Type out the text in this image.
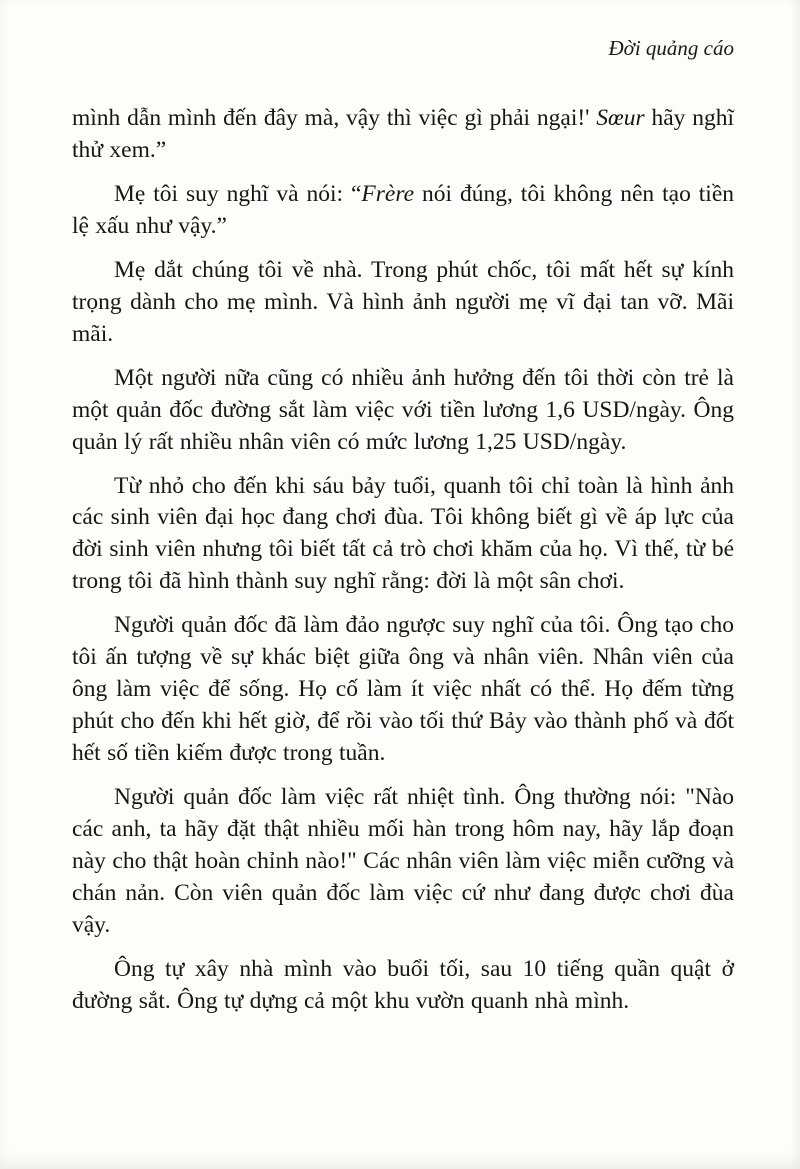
Đời quảng cáo

mình dẫn mình đến đây mà, vậy thì việc gì phải ngại!' Sœur hãy nghĩ thử xem.”

Mẹ tôi suy nghĩ và nói: “Frère nói đúng, tôi không nên tạo tiền lệ xấu như vậy.”

Mẹ dắt chúng tôi về nhà. Trong phút chốc, tôi mất hết sự kính trọng dành cho mẹ mình. Và hình ảnh người mẹ vĩ đại tan vỡ. Mãi mãi.

Một người nữa cũng có nhiều ảnh hưởng đến tôi thời còn trẻ là một quản đốc đường sắt làm việc với tiền lương 1,6 USD/ngày. Ông quản lý rất nhiều nhân viên có mức lương 1,25 USD/ngày.

Từ nhỏ cho đến khi sáu bảy tuổi, quanh tôi chỉ toàn là hình ảnh các sinh viên đại học đang chơi đùa. Tôi không biết gì về áp lực của đời sinh viên nhưng tôi biết tất cả trò chơi khăm của họ. Vì thế, từ bé trong tôi đã hình thành suy nghĩ rằng: đời là một sân chơi.

Người quản đốc đã làm đảo ngược suy nghĩ của tôi. Ông tạo cho tôi ấn tượng về sự khác biệt giữa ông và nhân viên. Nhân viên của ông làm việc để sống. Họ cố làm ít việc nhất có thể. Họ đếm từng phút cho đến khi hết giờ, để rồi vào tối thứ Bảy vào thành phố và đốt hết số tiền kiếm được trong tuần.

Người quản đốc làm việc rất nhiệt tình. Ông thường nói: "Nào các anh, ta hãy đặt thật nhiều mối hàn trong hôm nay, hãy lắp đoạn này cho thật hoàn chỉnh nào!" Các nhân viên làm việc miễn cưỡng và chán nản. Còn viên quản đốc làm việc cứ như đang được chơi đùa vậy.

Ông tự xây nhà mình vào buổi tối, sau 10 tiếng quần quật ở đường sắt. Ông tự dựng cả một khu vườn quanh nhà mình.
